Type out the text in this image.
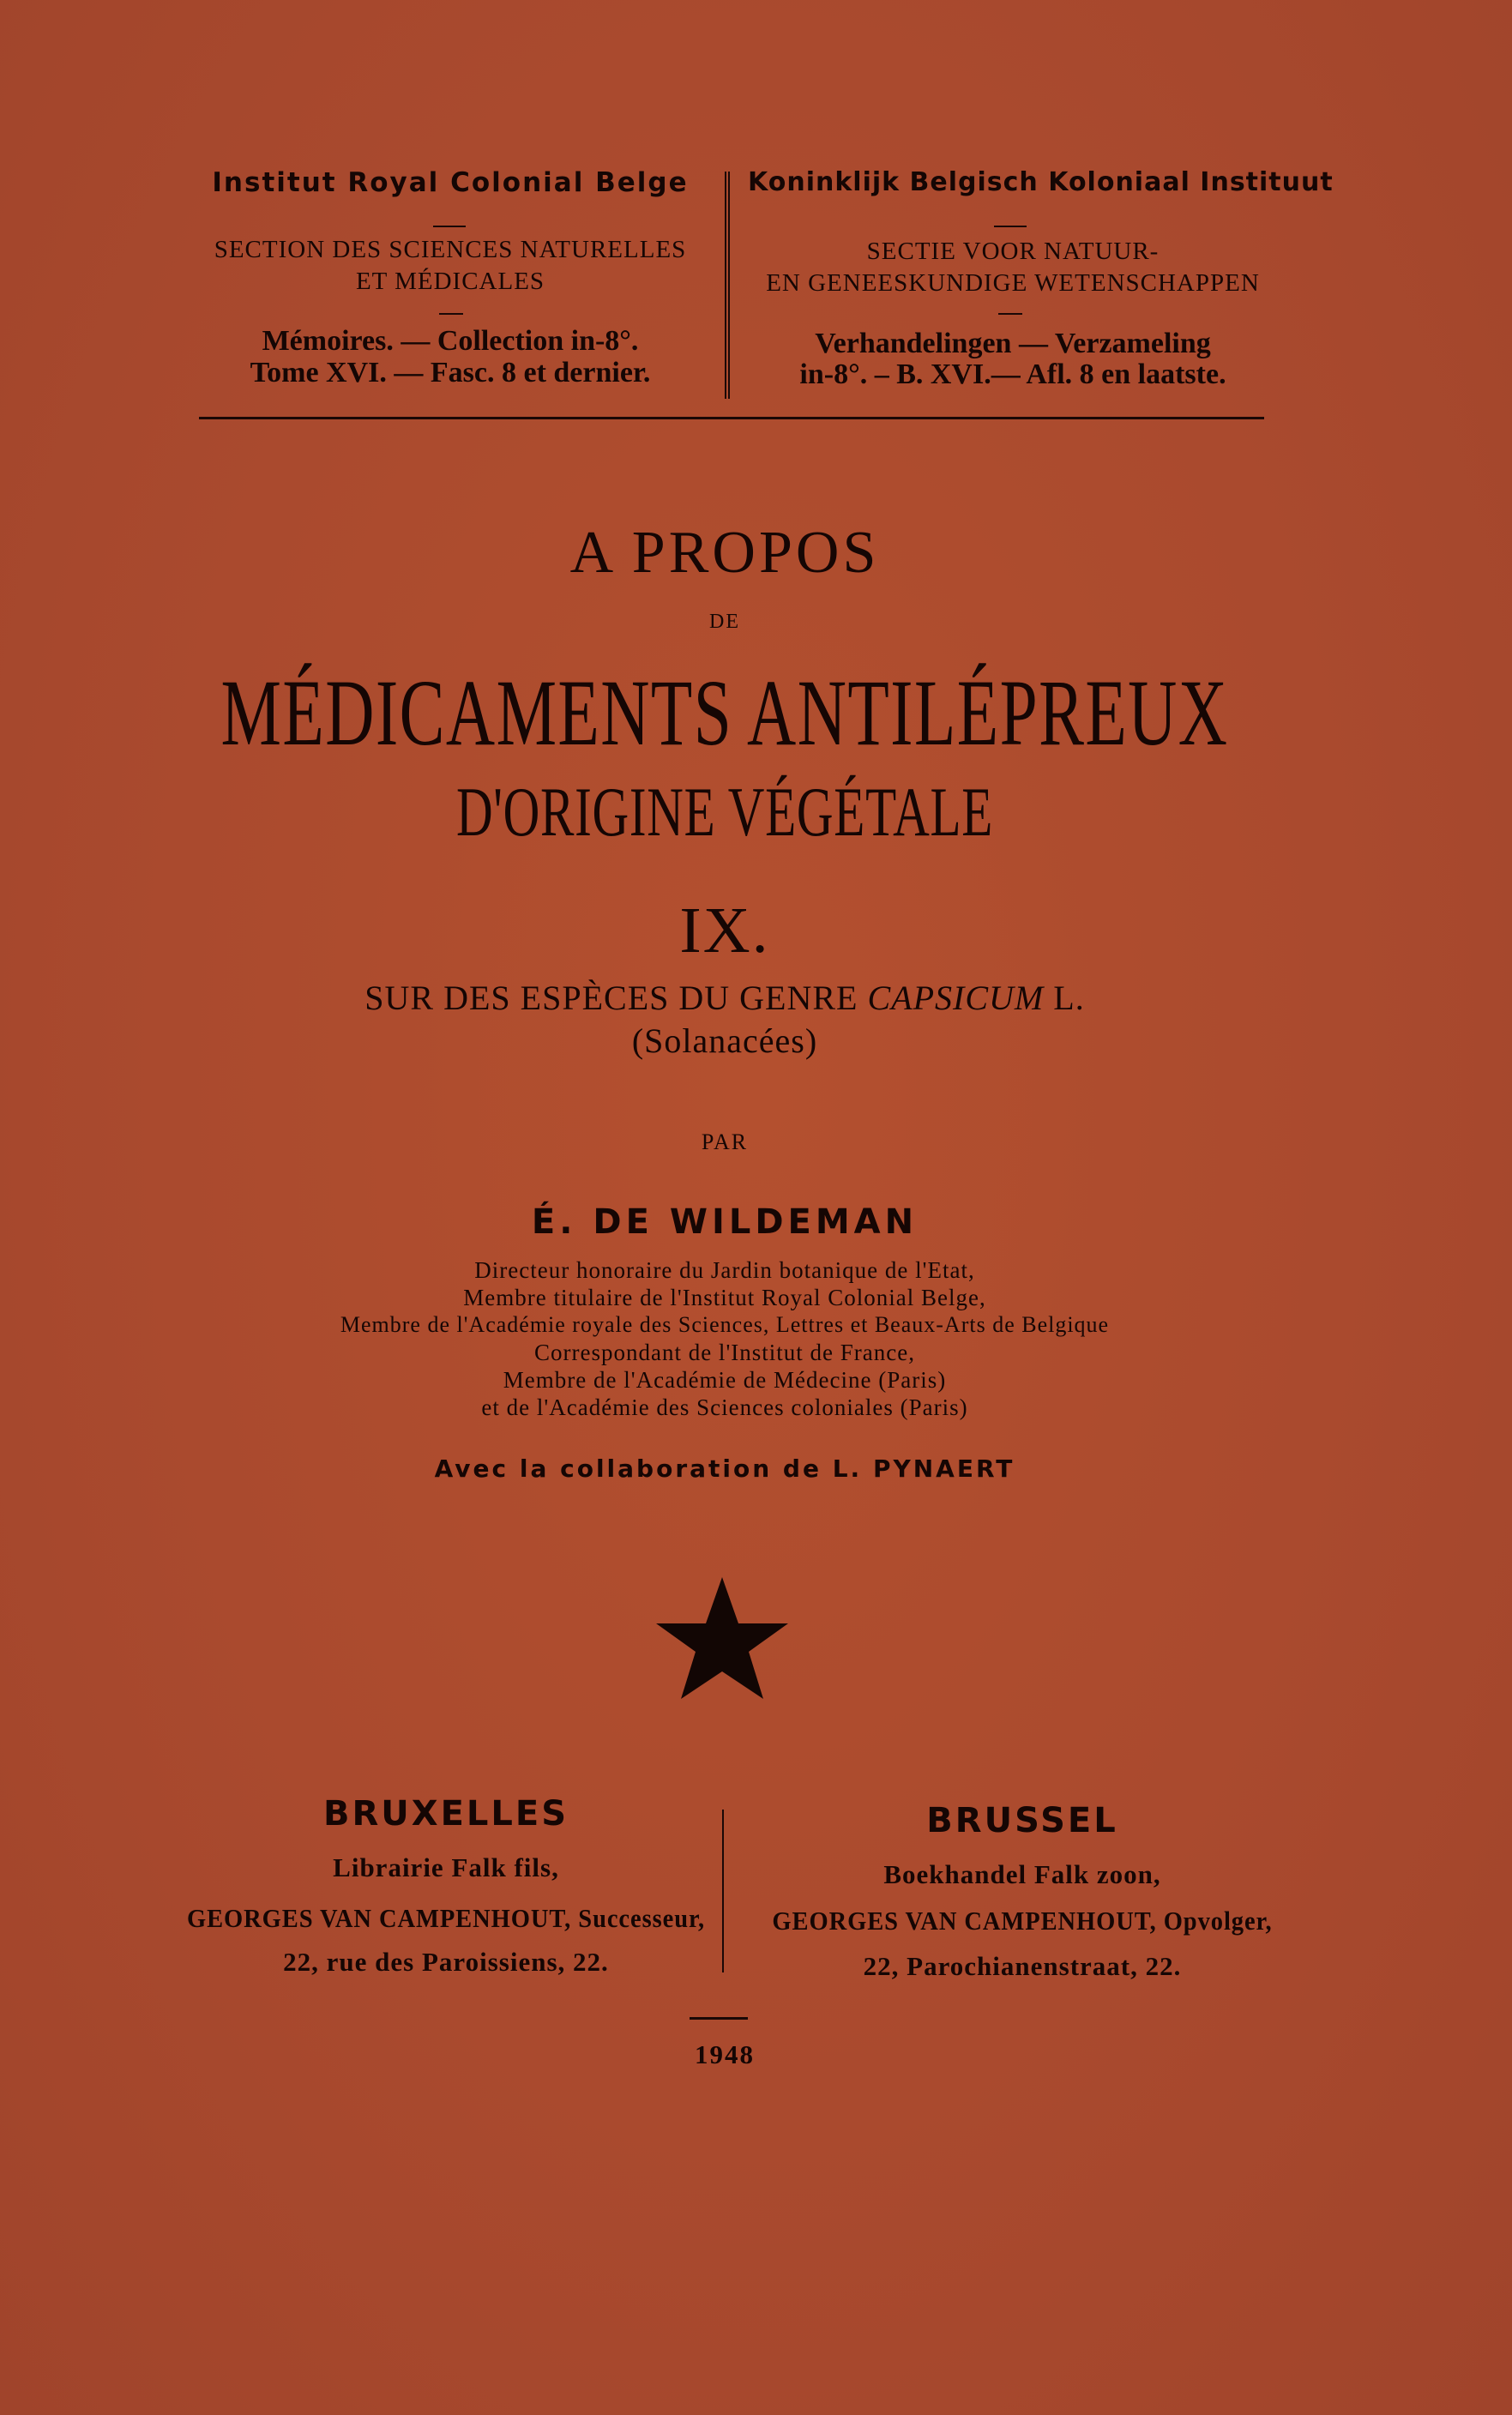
Institut Royal Colonial Belge
SECTION DES SCIENCES NATURELLES
ET MÉDICALES
Mémoires. — Collection in-8°.
Tome XVI. — Fasc. 8 et dernier.
Koninklijk Belgisch Koloniaal Instituut
SECTIE VOOR NATUUR-
EN GENEESKUNDIGE WETENSCHAPPEN
Verhandelingen — Verzameling
in-8°. – B. XVI.— Afl. 8 en laatste.
A PROPOS
DE
MÉDICAMENTS ANTILÉPREUX
D'ORIGINE VÉGÉTALE
IX.
SUR DES ESPÈCES DU GENRE CAPSICUM L.
(Solanacées)
PAR
É. DE WILDEMAN
Directeur honoraire du Jardin botanique de l'Etat,
Membre titulaire de l'Institut Royal Colonial Belge,
Membre de l'Académie royale des Sciences, Lettres et Beaux-Arts de Belgique
Correspondant de l'Institut de France,
Membre de l'Académie de Médecine (Paris)
et de l'Académie des Sciences coloniales (Paris)
Avec la collaboration de L. PYNAERT
BRUXELLES
Librairie Falk fils,
GEORGES VAN CAMPENHOUT, Successeur,
22, rue des Paroissiens, 22.
BRUSSEL
Boekhandel Falk zoon,
GEORGES VAN CAMPENHOUT, Opvolger,
22, Parochianenstraat, 22.
1948
